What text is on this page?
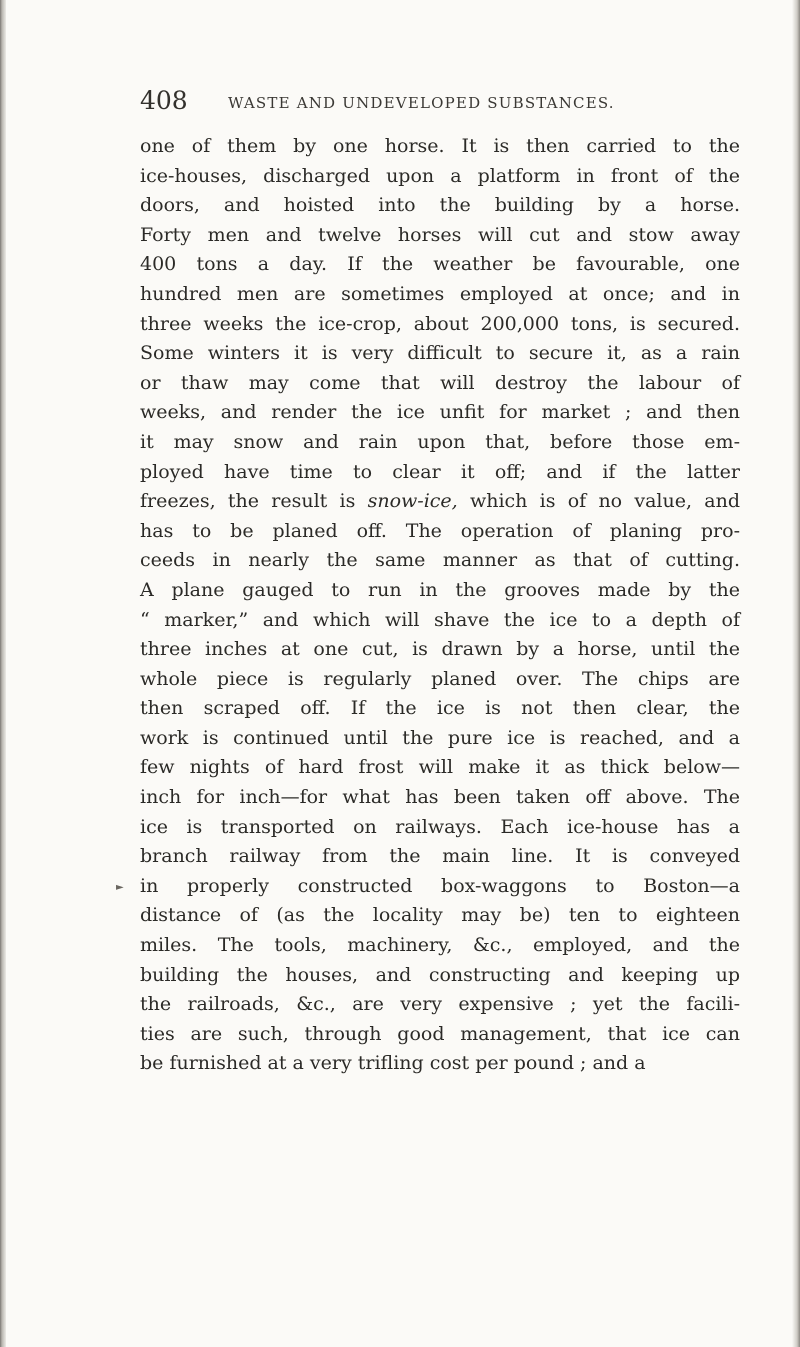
408	WASTE AND UNDEVELOPED SUBSTANCES.
one of them by one horse. It is then carried to the
ice-houses, discharged upon a platform in front of the
doors, and hoisted into the building by a horse.
Forty men and twelve horses will cut and stow away
400 tons a day. If the weather be favourable, one
hundred men are sometimes employed at once; and in
three weeks the ice-crop, about 200,000 tons, is secured.
Some winters it is very difficult to secure it, as a rain
or thaw may come that will destroy the labour of
weeks, and render the ice unfit for market ; and then
it may snow and rain upon that, before those em-
ployed have time to clear it off; and if the latter
freezes, the result is snow-ice, which is of no value, and
has to be planed off. The operation of planing pro-
ceeds in nearly the same manner as that of cutting.
A plane gauged to run in the grooves made by the
“ marker,” and which will shave the ice to a depth of
three inches at one cut, is drawn by a horse, until the
whole piece is regularly planed over. The chips are
then scraped off. If the ice is not then clear, the
work is continued until the pure ice is reached, and a
few nights of hard frost will make it as thick below—
inch for inch—for what has been taken off above. The
ice is transported on railways. Each ice-house has a
branch railway from the main line. It is conveyed
in properly constructed box-waggons to Boston—a
distance of (as the locality may be) ten to eighteen
miles. The tools, machinery, &c., employed, and the
building the houses, and constructing and keeping up
the railroads, &c., are very expensive ; yet the facili-
ties are such, through good management, that ice can
be furnished at a very trifling cost per pound ; and a
►
